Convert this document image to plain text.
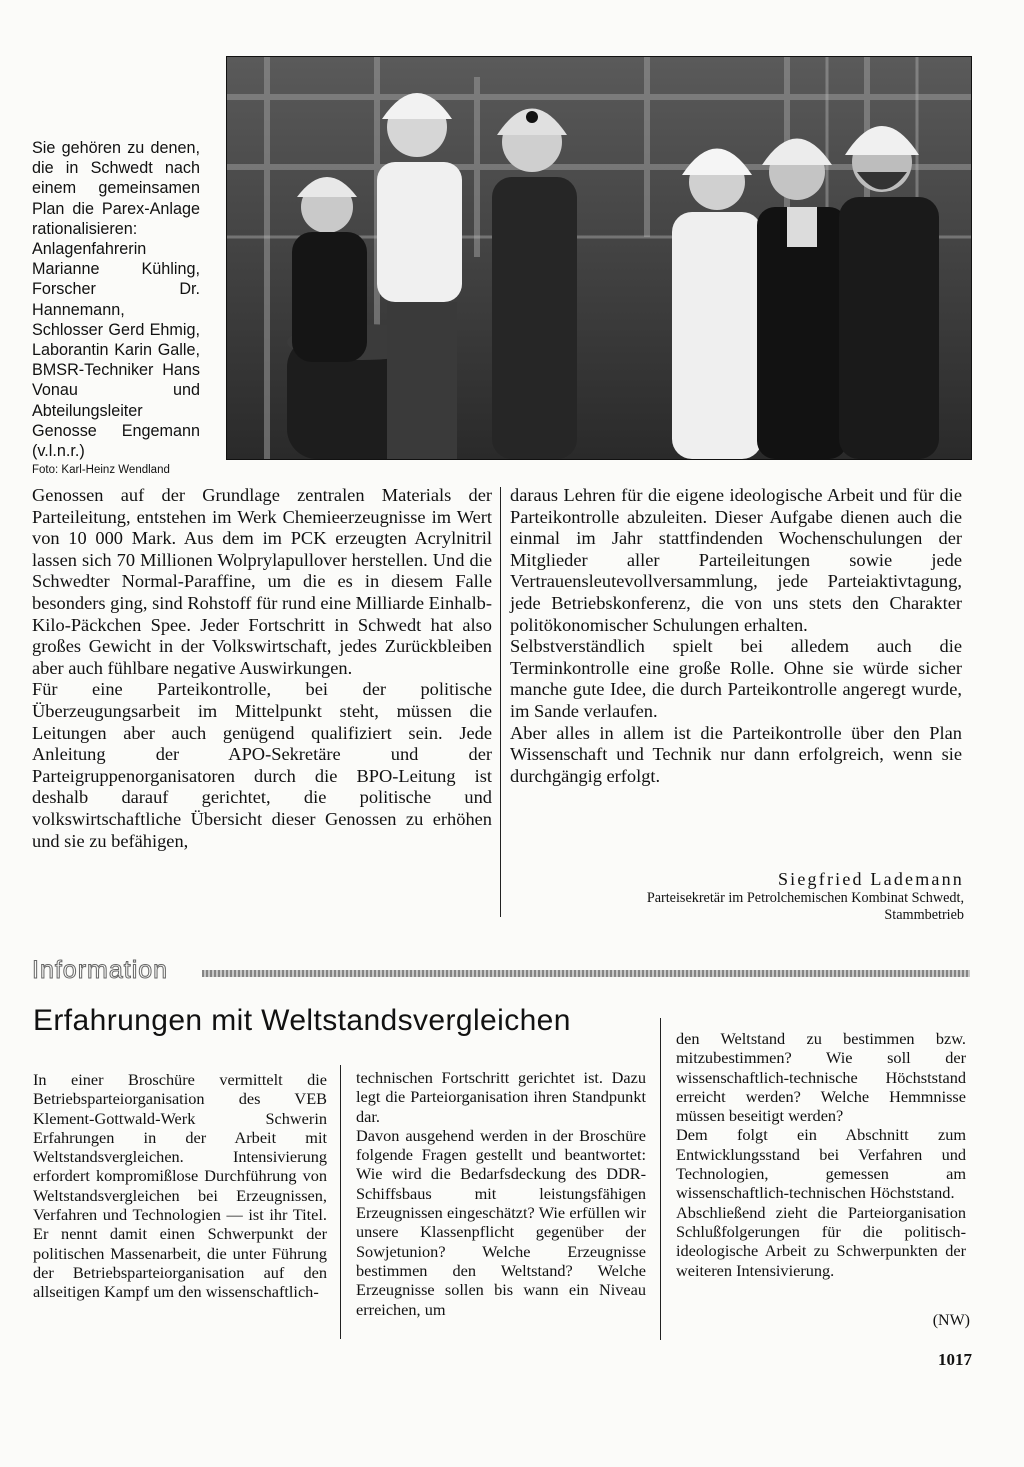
Sie gehören zu denen, die in Schwedt nach einem gemeinsamen Plan die Parex-Anlage rationalisieren: Anlagenfahrerin Marianne Kühling, Forscher Dr. Hannemann, Schlosser Gerd Ehmig, Laborantin Karin Galle, BMSR-Techniker Hans Vonau und Abteilungsleiter Genosse Engemann (v.l.n.r.)
Foto: Karl-Heinz Wendland

Genossen auf der Grundlage zentralen Materials der Parteileitung, entstehen im Werk Chemieerzeugnisse im Wert von 10 000 Mark. Aus dem im PCK erzeugten Acrylnitril lassen sich 70 Millionen Wolprylapullover herstellen. Und die Schwedter Normal-Paraffine, um die es in diesem Falle besonders ging, sind Rohstoff für rund eine Milliarde Einhalb-Kilo-Päckchen Spee. Jeder Fortschritt in Schwedt hat also großes Gewicht in der Volkswirtschaft, jedes Zurückbleiben aber auch fühlbare negative Auswirkungen.

Für eine Parteikontrolle, bei der politische Überzeugungsarbeit im Mittelpunkt steht, müssen die Leitungen aber auch genügend qualifiziert sein. Jede Anleitung der APO-Sekretäre und der Parteigruppenorganisatoren durch die BPO-Leitung ist deshalb darauf gerichtet, die politische und volkswirtschaftliche Übersicht dieser Genossen zu erhöhen und sie zu befähigen,

daraus Lehren für die eigene ideologische Arbeit und für die Parteikontrolle abzuleiten. Dieser Aufgabe dienen auch die einmal im Jahr stattfindenden Wochenschulungen der Mitglieder aller Parteileitungen sowie jede Vertrauensleutevollversammlung, jede Parteiaktivtagung, jede Betriebskonferenz, die von uns stets den Charakter politökonomischer Schulungen erhalten.

Selbstverständlich spielt bei alledem auch die Terminkontrolle eine große Rolle. Ohne sie würde sicher manche gute Idee, die durch Parteikontrolle angeregt wurde, im Sande verlaufen.

Aber alles in allem ist die Parteikontrolle über den Plan Wissenschaft und Technik nur dann erfolgreich, wenn sie durchgängig erfolgt.

Siegfried Lademann
Parteisekretär im Petrolchemischen Kombinat Schwedt,
Stammbetrieb
Information
Erfahrungen mit Weltstandsvergleichen

In einer Broschüre vermittelt die Betriebsparteiorganisation des VEB Klement-Gottwald-Werk Schwerin Erfahrungen in der Arbeit mit Weltstandsvergleichen. Intensivierung erfordert kompromißlose Durchführung von Weltstandsvergleichen bei Erzeugnissen, Verfahren und Technologien — ist ihr Titel. Er nennt damit einen Schwerpunkt der politischen Massenarbeit, die unter Führung der Betriebsparteiorganisation auf den allseitigen Kampf um den wissenschaftlich-

technischen Fortschritt gerichtet ist. Dazu legt die Parteiorganisation ihren Standpunkt dar.

Davon ausgehend werden in der Broschüre folgende Fragen gestellt und beantwortet: Wie wird die Bedarfsdeckung des DDR-Schiffsbaus mit leistungsfähigen Erzeugnissen eingeschätzt? Wie erfüllen wir unsere Klassenpflicht gegenüber der Sowjetunion? Welche Erzeugnisse bestimmen den Weltstand? Welche Erzeugnisse sollen bis wann ein Niveau erreichen, um

den Weltstand zu bestimmen bzw. mitzubestimmen? Wie soll der wissenschaftlich-technische Höchststand erreicht werden? Welche Hemmnisse müssen beseitigt werden?

Dem folgt ein Abschnitt zum Entwicklungsstand bei Verfahren und Technologien, gemessen am wissenschaftlich-technischen Höchststand.

Abschließend zieht die Parteiorganisation Schlußfolgerungen für die politisch-ideologische Arbeit zu Schwerpunkten der weiteren Intensivierung.

(NW)
1017
